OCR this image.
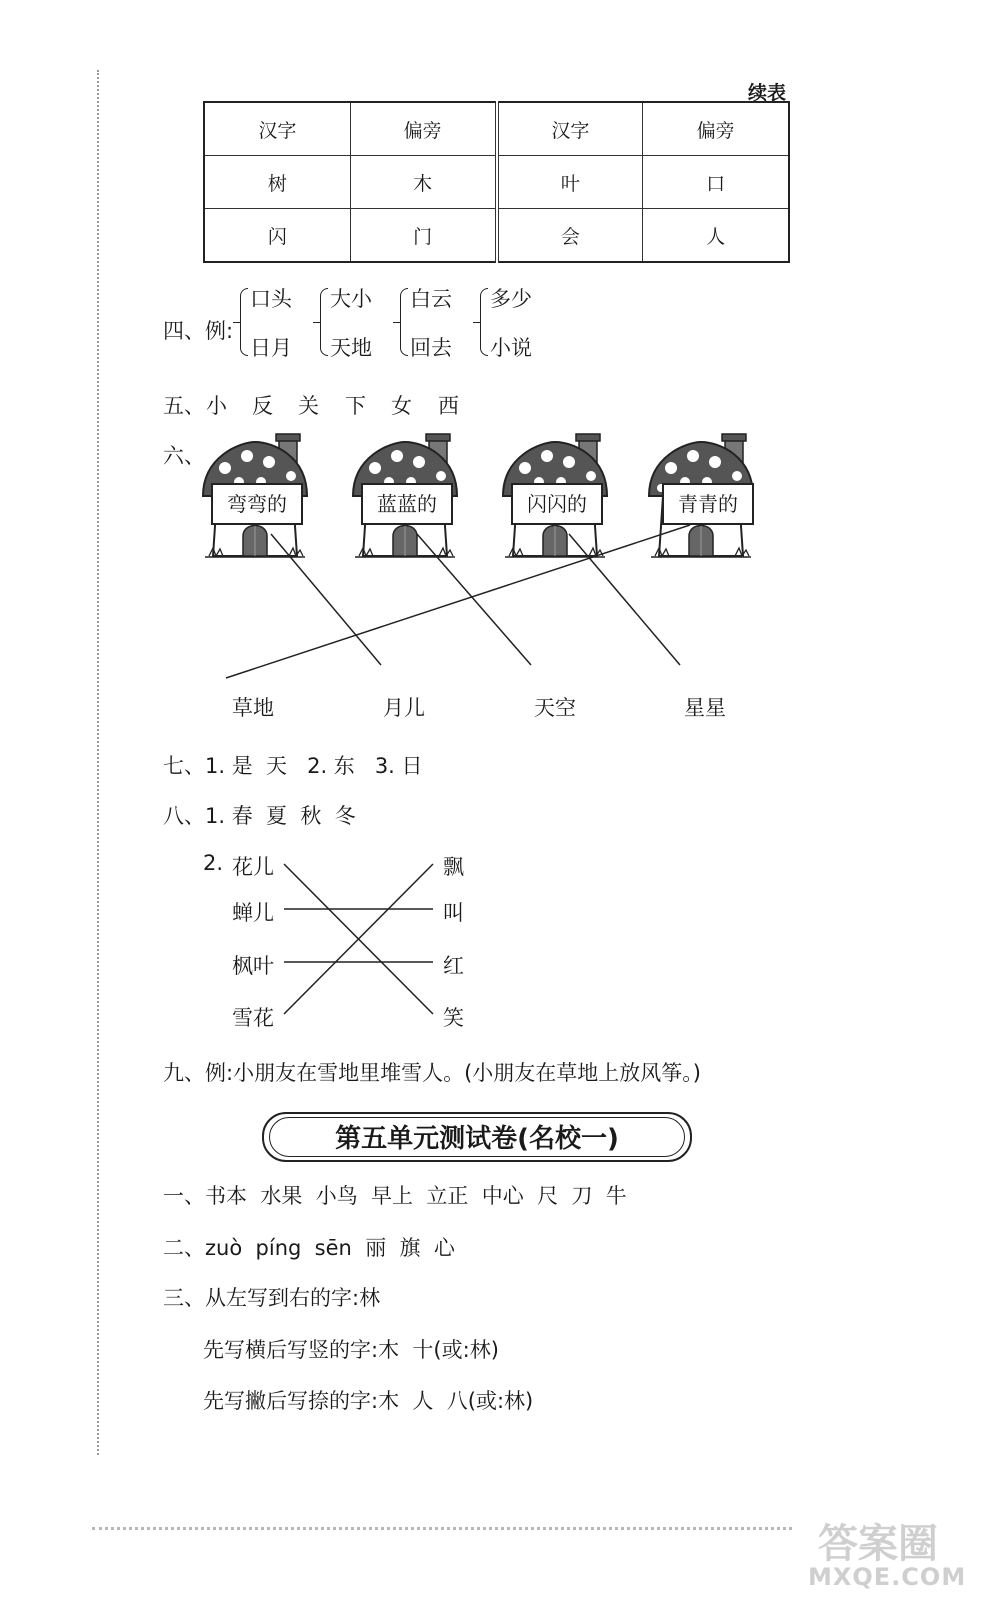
续表
汉字	偏旁	汉字	偏旁
树	木	叶	口
闪	门	会	人
四、例:
口头
日月
大小
天地
白云
回去
多少
小说
五、 小 反 关 下 女 西
六、
弯弯的	蓝蓝的	闪闪的	青青的
草地	月儿	天空	星星
七、1. 是  天   2. 东   3. 日
八、1. 春  夏  秋  冬
2. 花儿
蝉儿
枫叶
雪花
飘
叫
红
笑
九、例:小朋友在雪地里堆雪人。(小朋友在草地上放风筝。)
第五单元测试卷(名校一)
一、书本  水果  小鸟  早上  立正  中心  尺  刀  牛
二、zuò  píng  sēn  丽  旗  心
三、从左写到右的字:林
先写横后写竖的字:木  十(或:林)
先写撇后写捺的字:木  人  八(或:林)
答案圈
MXQE.COM
